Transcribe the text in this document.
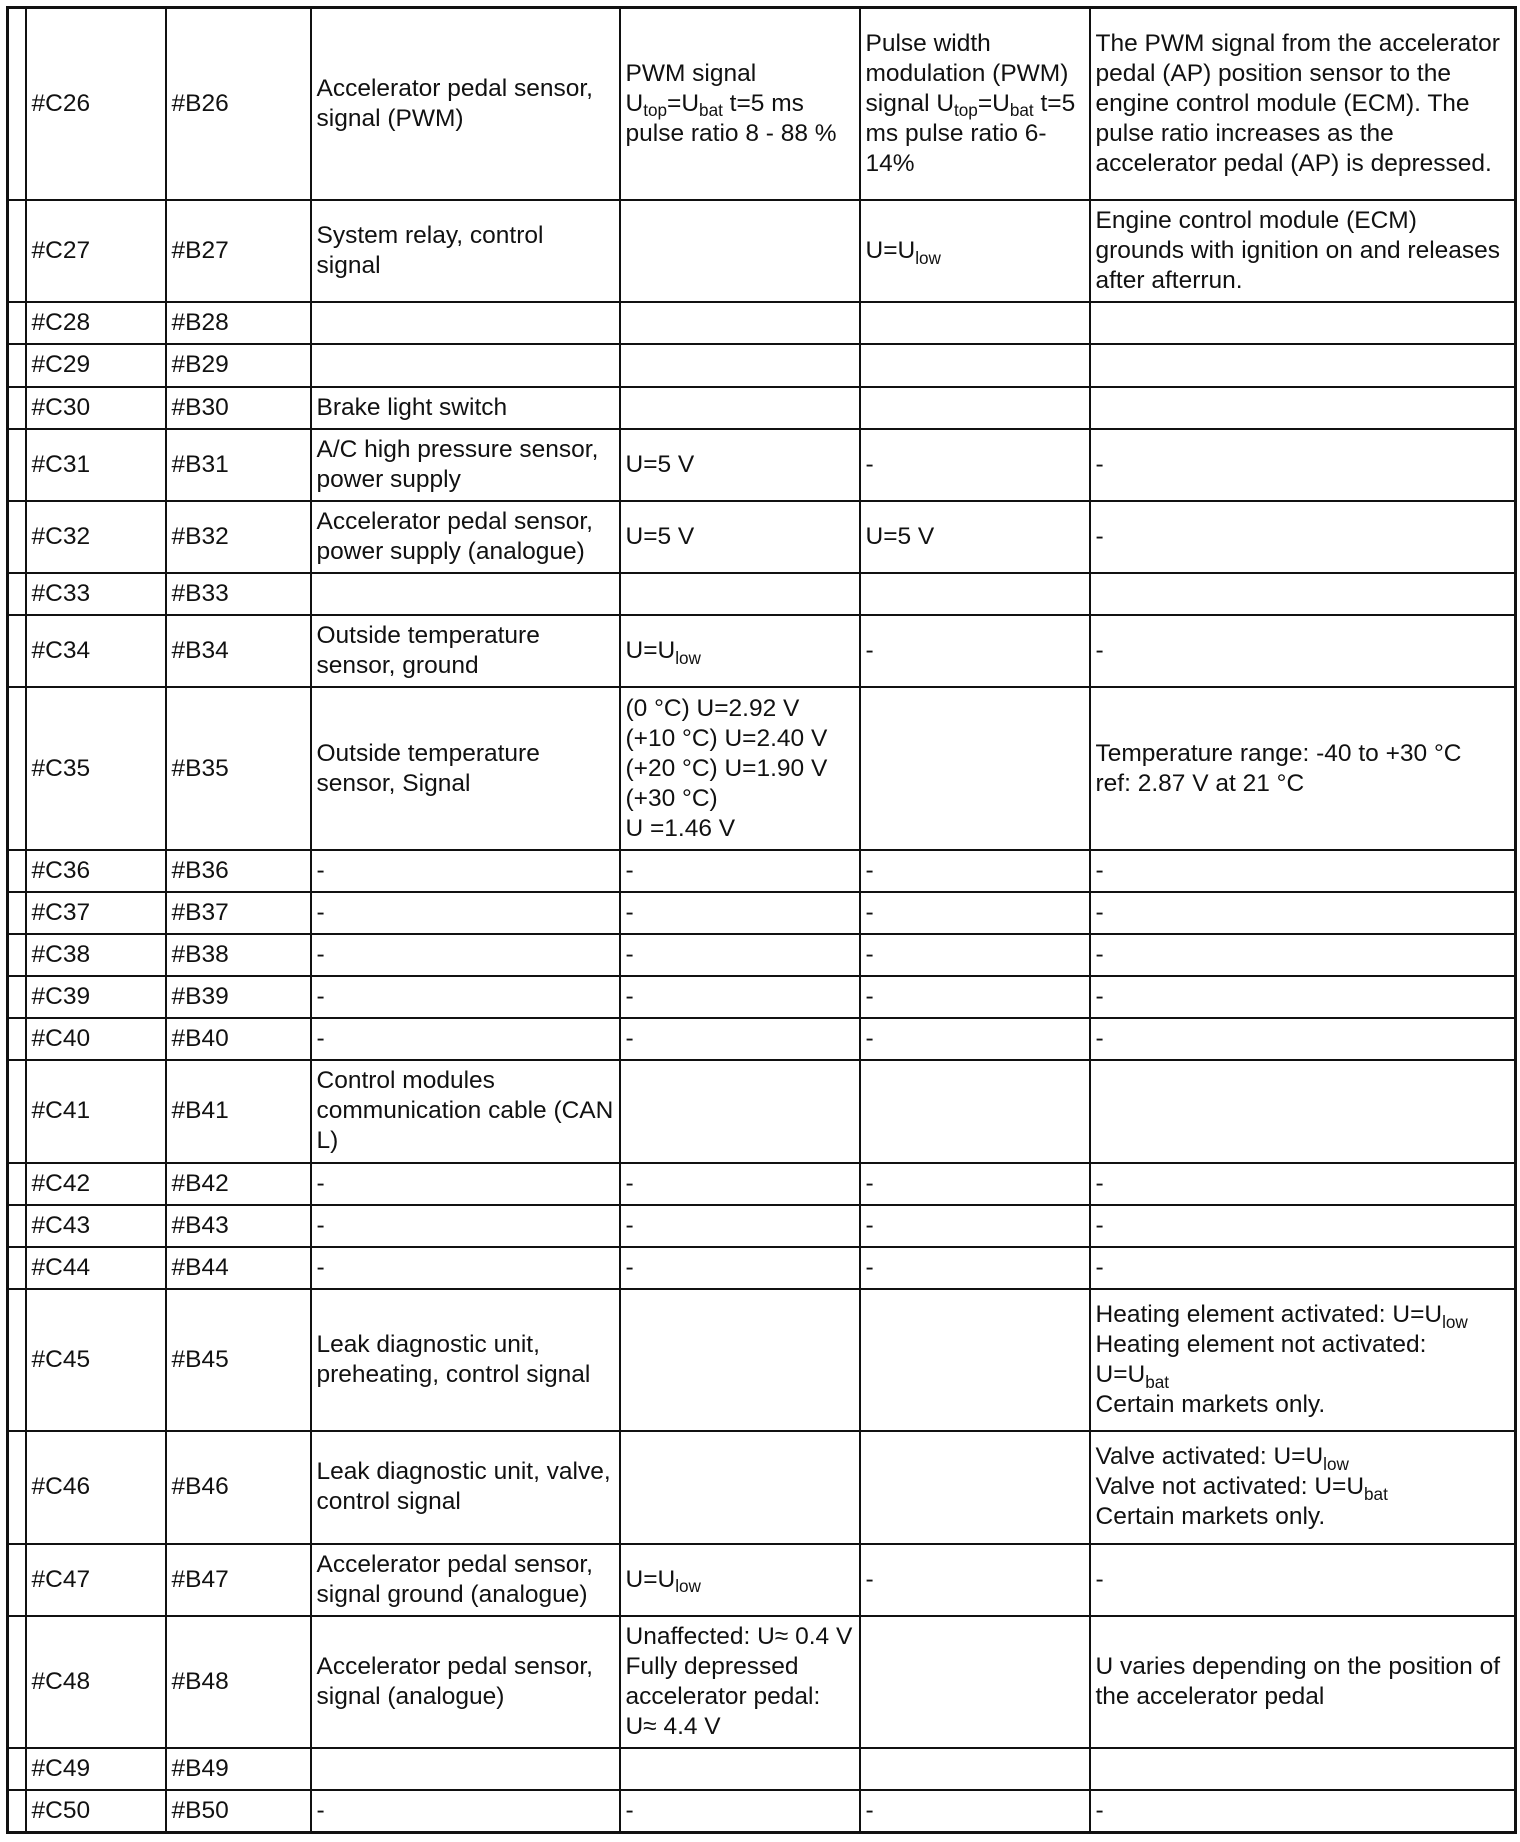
	#C26	#B26	Accelerator pedal sensor, signal (PWM)	PWM signal $U_{top}=U_{bat}$ t=5 ms pulse ratio 8 - 88 %	Pulse width modulation (PWM) signal $U_{top}=U_{bat}$ t=5 ms pulse ratio 6-14%	The PWM signal from the accelerator pedal (AP) position sensor to the engine control module (ECM). The pulse ratio increases as the accelerator pedal (AP) is depressed.

	#C27	#B27	System relay, control signal		$U=U_{low}$	Engine control module (ECM) grounds with ignition on and releases after afterrun.

	#C28	#B28				

	#C29	#B29				

	#C30	#B30	Brake light switch			

	#C31	#B31	A/C high pressure sensor, power supply	U=5 V	-	-

	#C32	#B32	Accelerator pedal sensor, power supply (analogue)	U=5 V	U=5 V	-

	#C33	#B33				

	#C34	#B34	Outside temperature sensor, ground	$U=U_{low}$	-	-

	#C35	#B35	Outside temperature sensor, Signal	(0 °C) U=2.92 V
(+10 °C) U=2.40 V
(+20 °C) U=1.90 V
(+30 °C)
U =1.46 V		Temperature range: -40 to +30 °C
ref: 2.87 V at 21 °C

	#C36	#B36	-	-	-	-

	#C37	#B37	-	-	-	-

	#C38	#B38	-	-	-	-

	#C39	#B39	-	-	-	-

	#C40	#B40	-	-	-	-

	#C41	#B41	Control modules communication cable (CAN L)			

	#C42	#B42	-	-	-	-

	#C43	#B43	-	-	-	-

	#C44	#B44	-	-	-	-

	#C45	#B45	Leak diagnostic unit, preheating, control signal			Heating element activated: $U=U_{low}$
Heating element not activated:
$U=U_{bat}$
Certain markets only.

	#C46	#B46	Leak diagnostic unit, valve, control signal			Valve activated: $U=U_{low}$
Valve not activated: $U=U_{bat}$
Certain markets only.

	#C47	#B47	Accelerator pedal sensor, signal ground (analogue)	$U=U_{low}$	-	-

	#C48	#B48	Accelerator pedal sensor, signal (analogue)	Unaffected: U≈ 0.4 V Fully depressed accelerator pedal: U≈ 4.4 V		U varies depending on the position of the accelerator pedal

	#C49	#B49				

	#C50	#B50	-	-	-	-
